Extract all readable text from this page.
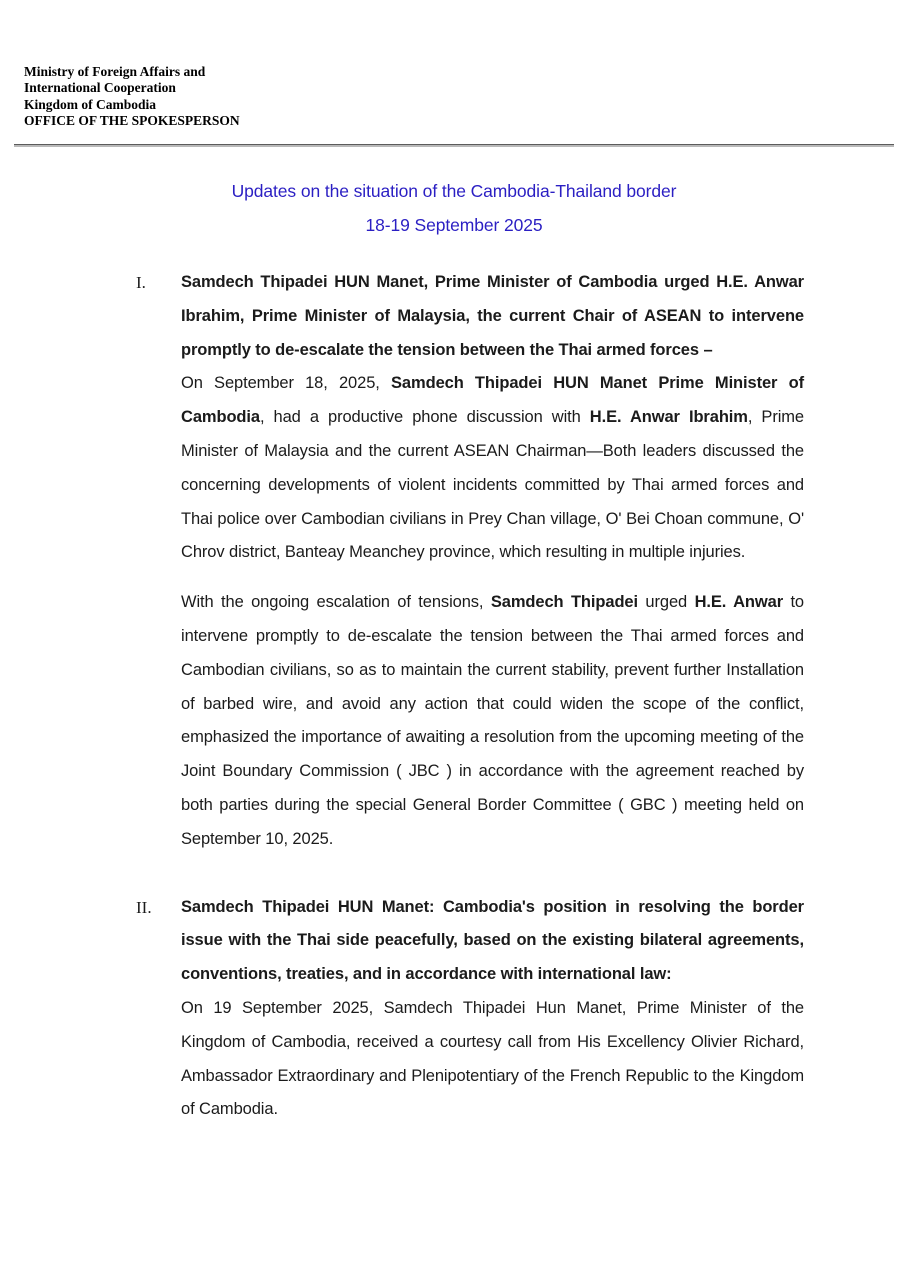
Ministry of Foreign Affairs and
International Cooperation
Kingdom of Cambodia
OFFICE OF THE SPOKESPERSON
Updates on the situation of the Cambodia-Thailand border
18-19 September 2025
I.	Samdech Thipadei HUN Manet, Prime Minister of Cambodia urged H.E. Anwar Ibrahim, Prime Minister of Malaysia, the current Chair of ASEAN to intervene promptly to de-escalate the tension between the Thai armed forces –

On September 18, 2025, Samdech Thipadei HUN Manet Prime Minister of Cambodia, had a productive phone discussion with H.E. Anwar Ibrahim, Prime Minister of Malaysia and the current ASEAN Chairman—Both leaders discussed the concerning developments of violent incidents committed by Thai armed forces and Thai police over Cambodian civilians in Prey Chan village, O' Bei Choan commune, O' Chrov district, Banteay Meanchey province, which resulting in multiple injuries.

With the ongoing escalation of tensions, Samdech Thipadei urged H.E. Anwar to intervene promptly to de-escalate the tension between the Thai armed forces and Cambodian civilians, so as to maintain the current stability, prevent further Installation of barbed wire, and avoid any action that could widen the scope of the conflict, emphasized the importance of awaiting a resolution from the upcoming meeting of the Joint Boundary Commission ( JBC ) in accordance with the agreement reached by both parties during the special General Border Committee ( GBC ) meeting held on September 10, 2025.

II.	Samdech Thipadei HUN Manet: Cambodia's position in resolving the border issue with the Thai side peacefully, based on the existing bilateral agreements, conventions, treaties, and in accordance with international law:

On 19 September 2025, Samdech Thipadei Hun Manet, Prime Minister of the Kingdom of Cambodia, received a courtesy call from His Excellency Olivier Richard, Ambassador Extraordinary and Plenipotentiary of the French Republic to the Kingdom of Cambodia.
